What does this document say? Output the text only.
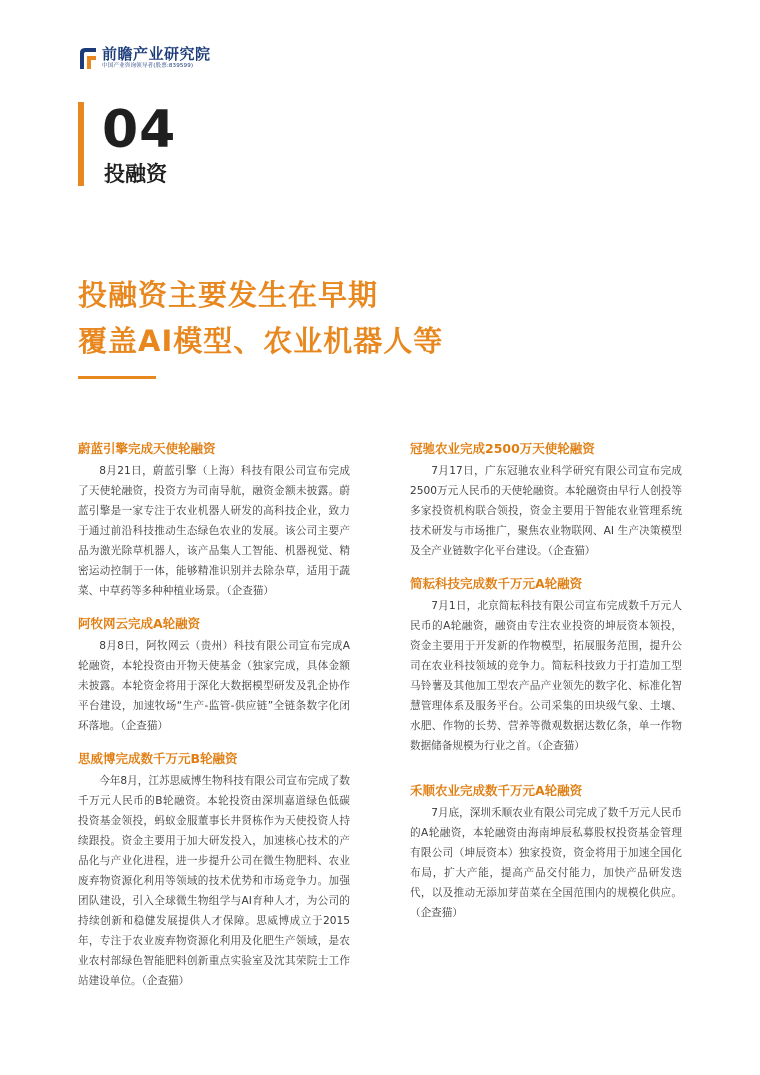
前瞻产业研究院
中国产业咨询领导者(股票:839599)
04
投融资
投融资主要发生在早期
覆盖AI模型、农业机器人等
蔚蓝引擎完成天使轮融资
8月21日，蔚蓝引擎（上海）科技有限公司宣布完成了天使轮融资，投资方为司南导航，融资金额未披露。蔚蓝引擎是一家专注于农业机器人研发的高科技企业，致力于通过前沿科技推动生态绿色农业的发展。该公司主要产品为激光除草机器人，该产品集人工智能、机器视觉、精密运动控制于一体，能够精准识别并去除杂草，适用于蔬菜、中草药等多种种植业场景。（企查猫）
阿牧网云完成A轮融资
8月8日，阿牧网云（贵州）科技有限公司宣布完成A轮融资，本轮投资由开物天使基金（独家完成，具体金额未披露。本轮资金将用于深化大数据模型研发及乳企协作平台建设，加速牧场“生产-监管-供应链”全链条数字化闭环落地。（企查猫）
思威博完成数千万元B轮融资
今年8月，江苏思威博生物科技有限公司宣布完成了数千万元人民币的B轮融资。本轮投资由深圳嘉道绿色低碳投资基金领投，蚂蚁金服董事长井贤栋作为天使投资人持续跟投。资金主要用于加大研发投入，加速核心技术的产品化与产业化进程，进一步提升公司在微生物肥料、农业废弃物资源化利用等领域的技术优势和市场竞争力。加强团队建设，引入全球微生物组学与AI育种人才，为公司的持续创新和稳健发展提供人才保障。思威博成立于2015年，专注于农业废弃物资源化利用及化肥生产领域，是农业农村部绿色智能肥料创新重点实验室及沈其荣院士工作站建设单位。（企查猫）
冠驰农业完成2500万天使轮融资
7月17日，广东冠驰农业科学研究有限公司宣布完成2500万元人民币的天使轮融资。本轮融资由早行人创投等多家投资机构联合领投，资金主要用于智能农业管理系统技术研发与市场推广，聚焦农业物联网、AI 生产决策模型及全产业链数字化平台建设。（企查猫）
简耘科技完成数千万元A轮融资
7月1日，北京简耘科技有限公司宣布完成数千万元人民币的A轮融资，融资由专注农业投资的坤辰资本领投，资金主要用于开发新的作物模型，拓展服务范围，提升公司在农业科技领域的竞争力。简耘科技致力于打造加工型马铃薯及其他加工型农产品产业领先的数字化、标准化智慧管理体系及服务平台。公司采集的田块级气象、土壤、水肥、作物的长势、营养等微观数据达数亿条，单一作物数据储备规模为行业之首。（企查猫）
禾顺农业完成数千万元A轮融资
7月底，深圳禾顺农业有限公司完成了数千万元人民币的A轮融资，本轮融资由海南坤辰私募股权投资基金管理有限公司（坤辰资本）独家投资，资金将用于加速全国化布局，扩大产能，提高产品交付能力，加快产品研发迭代，以及推动无添加芽苗菜在全国范围内的规模化供应。（企查猫）
